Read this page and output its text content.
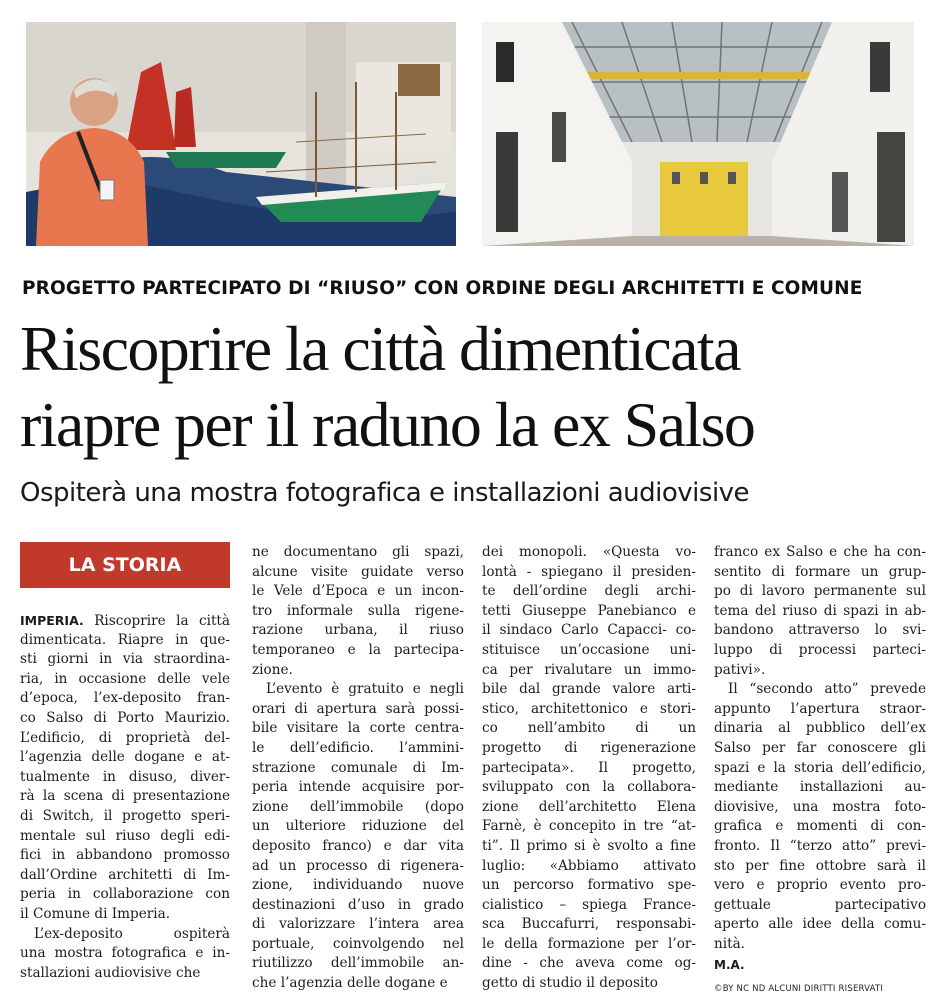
PROGETTO PARTECIPATO DI “RIUSO” CON ORDINE DEGLI ARCHITETTI E COMUNE
Riscoprire la città dimenticata
riapre per il raduno la ex Salso
Ospiterà una mostra fotografica e installazioni audiovisive
LA STORIA
IMPERIA. Riscoprire la città
dimenticata. Riapre in que-
sti giorni in via straordina-
ria, in occasione delle vele
d’epoca, l’ex-deposito fran-
co Salso di Porto Maurizio.
L’edificio, di proprietà del-
l’agenzia delle dogane e at-
tualmente in disuso, diver-
rà la scena di presentazione
di Switch, il progetto speri-
mentale sul riuso degli edi-
fici in abbandono promosso
dall’Ordine architetti di Im-
peria in collaborazione con
il Comune di Imperia.
L’ex-deposito ospiterà
una mostra fotografica e in-
stallazioni audiovisive che
ne documentano gli spazi,
alcune visite guidate verso
le Vele d’Epoca e un incon-
tro informale sulla rigene-
razione urbana, il riuso
temporaneo e la partecipa-
zione.
L’evento è gratuito e negli
orari di apertura sarà possi-
bile visitare la corte centra-
le dell’edificio. l’ammini-
strazione comunale di Im-
peria intende acquisire por-
zione dell’immobile (dopo
un ulteriore riduzione del
deposito franco) e dar vita
ad un processo di rigenera-
zione, individuando nuove
destinazioni d’uso in grado
di valorizzare l’intera area
portuale, coinvolgendo nel
riutilizzo dell’immobile an-
che l’agenzia delle dogane e
dei monopoli. «Questa vo-
lontà - spiegano il presiden-
te dell’ordine degli archi-
tetti Giuseppe Panebianco e
il sindaco Carlo Capacci- co-
stituisce un’occasione uni-
ca per rivalutare un immo-
bile dal grande valore arti-
stico, architettonico e stori-
co nell’ambito di un
progetto di rigenerazione
partecipata». Il progetto,
sviluppato con la collabora-
zione dell’architetto Elena
Farnè, è concepito in tre “at-
ti”. Il primo si è svolto a fine
luglio: «Abbiamo attivato
un percorso formativo spe-
cialistico – spiega France-
sca Buccafurri, responsabi-
le della formazione per l’or-
dine - che aveva come og-
getto di studio il deposito
franco ex Salso e che ha con-
sentito di formare un grup-
po di lavoro permanente sul
tema del riuso di spazi in ab-
bandono attraverso lo svi-
luppo di processi parteci-
pativi».
Il “secondo atto” prevede
appunto l’apertura straor-
dinaria al pubblico dell’ex
Salso per far conoscere gli
spazi e la storia dell’edificio,
mediante installazioni au-
diovisive, una mostra foto-
grafica e momenti di con-
fronto. Il “terzo atto” previ-
sto per fine ottobre sarà il
vero e proprio evento pro-
gettuale partecipativo
aperto alle idee della comu-
nità.
M.A.
©BY NC ND ALCUNI DIRITTI RISERVATI
